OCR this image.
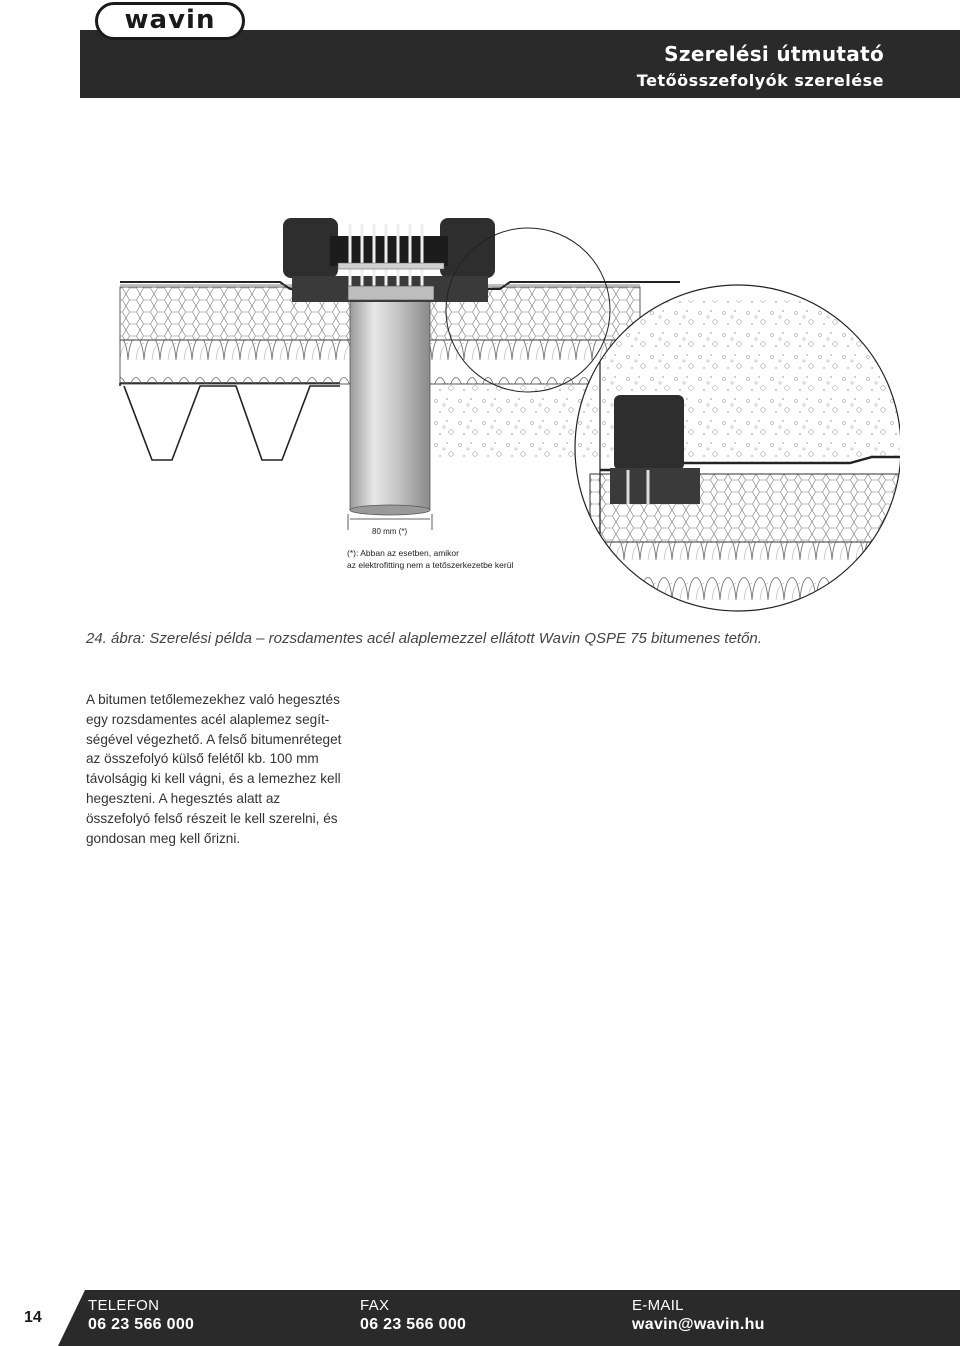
wavin
Szerelési útmutató
Tetőösszefolyók szerelése
80 mm (*)
(*): Abban az esetben, amikor
az elektrofitting nem a tetőszerkezetbe kerül
24. ábra: Szerelési példa – rozsdamentes acél alaplemezzel ellátott Wavin QSPE 75 bitumenes tetőn.

A bitumen tetőlemezekhez való hegesztés

egy rozsdamentes acél alaplemez segít-

ségével végezhető. A felső bitumenréteget

az összefolyó külső felétől kb. 100 mm

távolságig ki kell vágni, és a lemezhez kell

hegeszteni. A hegesztés alatt az

összefolyó felső részeit le kell szerelni, és

gondosan meg kell őrizni.

14
TELEFON
06 23 566 000
FAX
06 23 566 000
E-MAIL
wavin@wavin.hu
